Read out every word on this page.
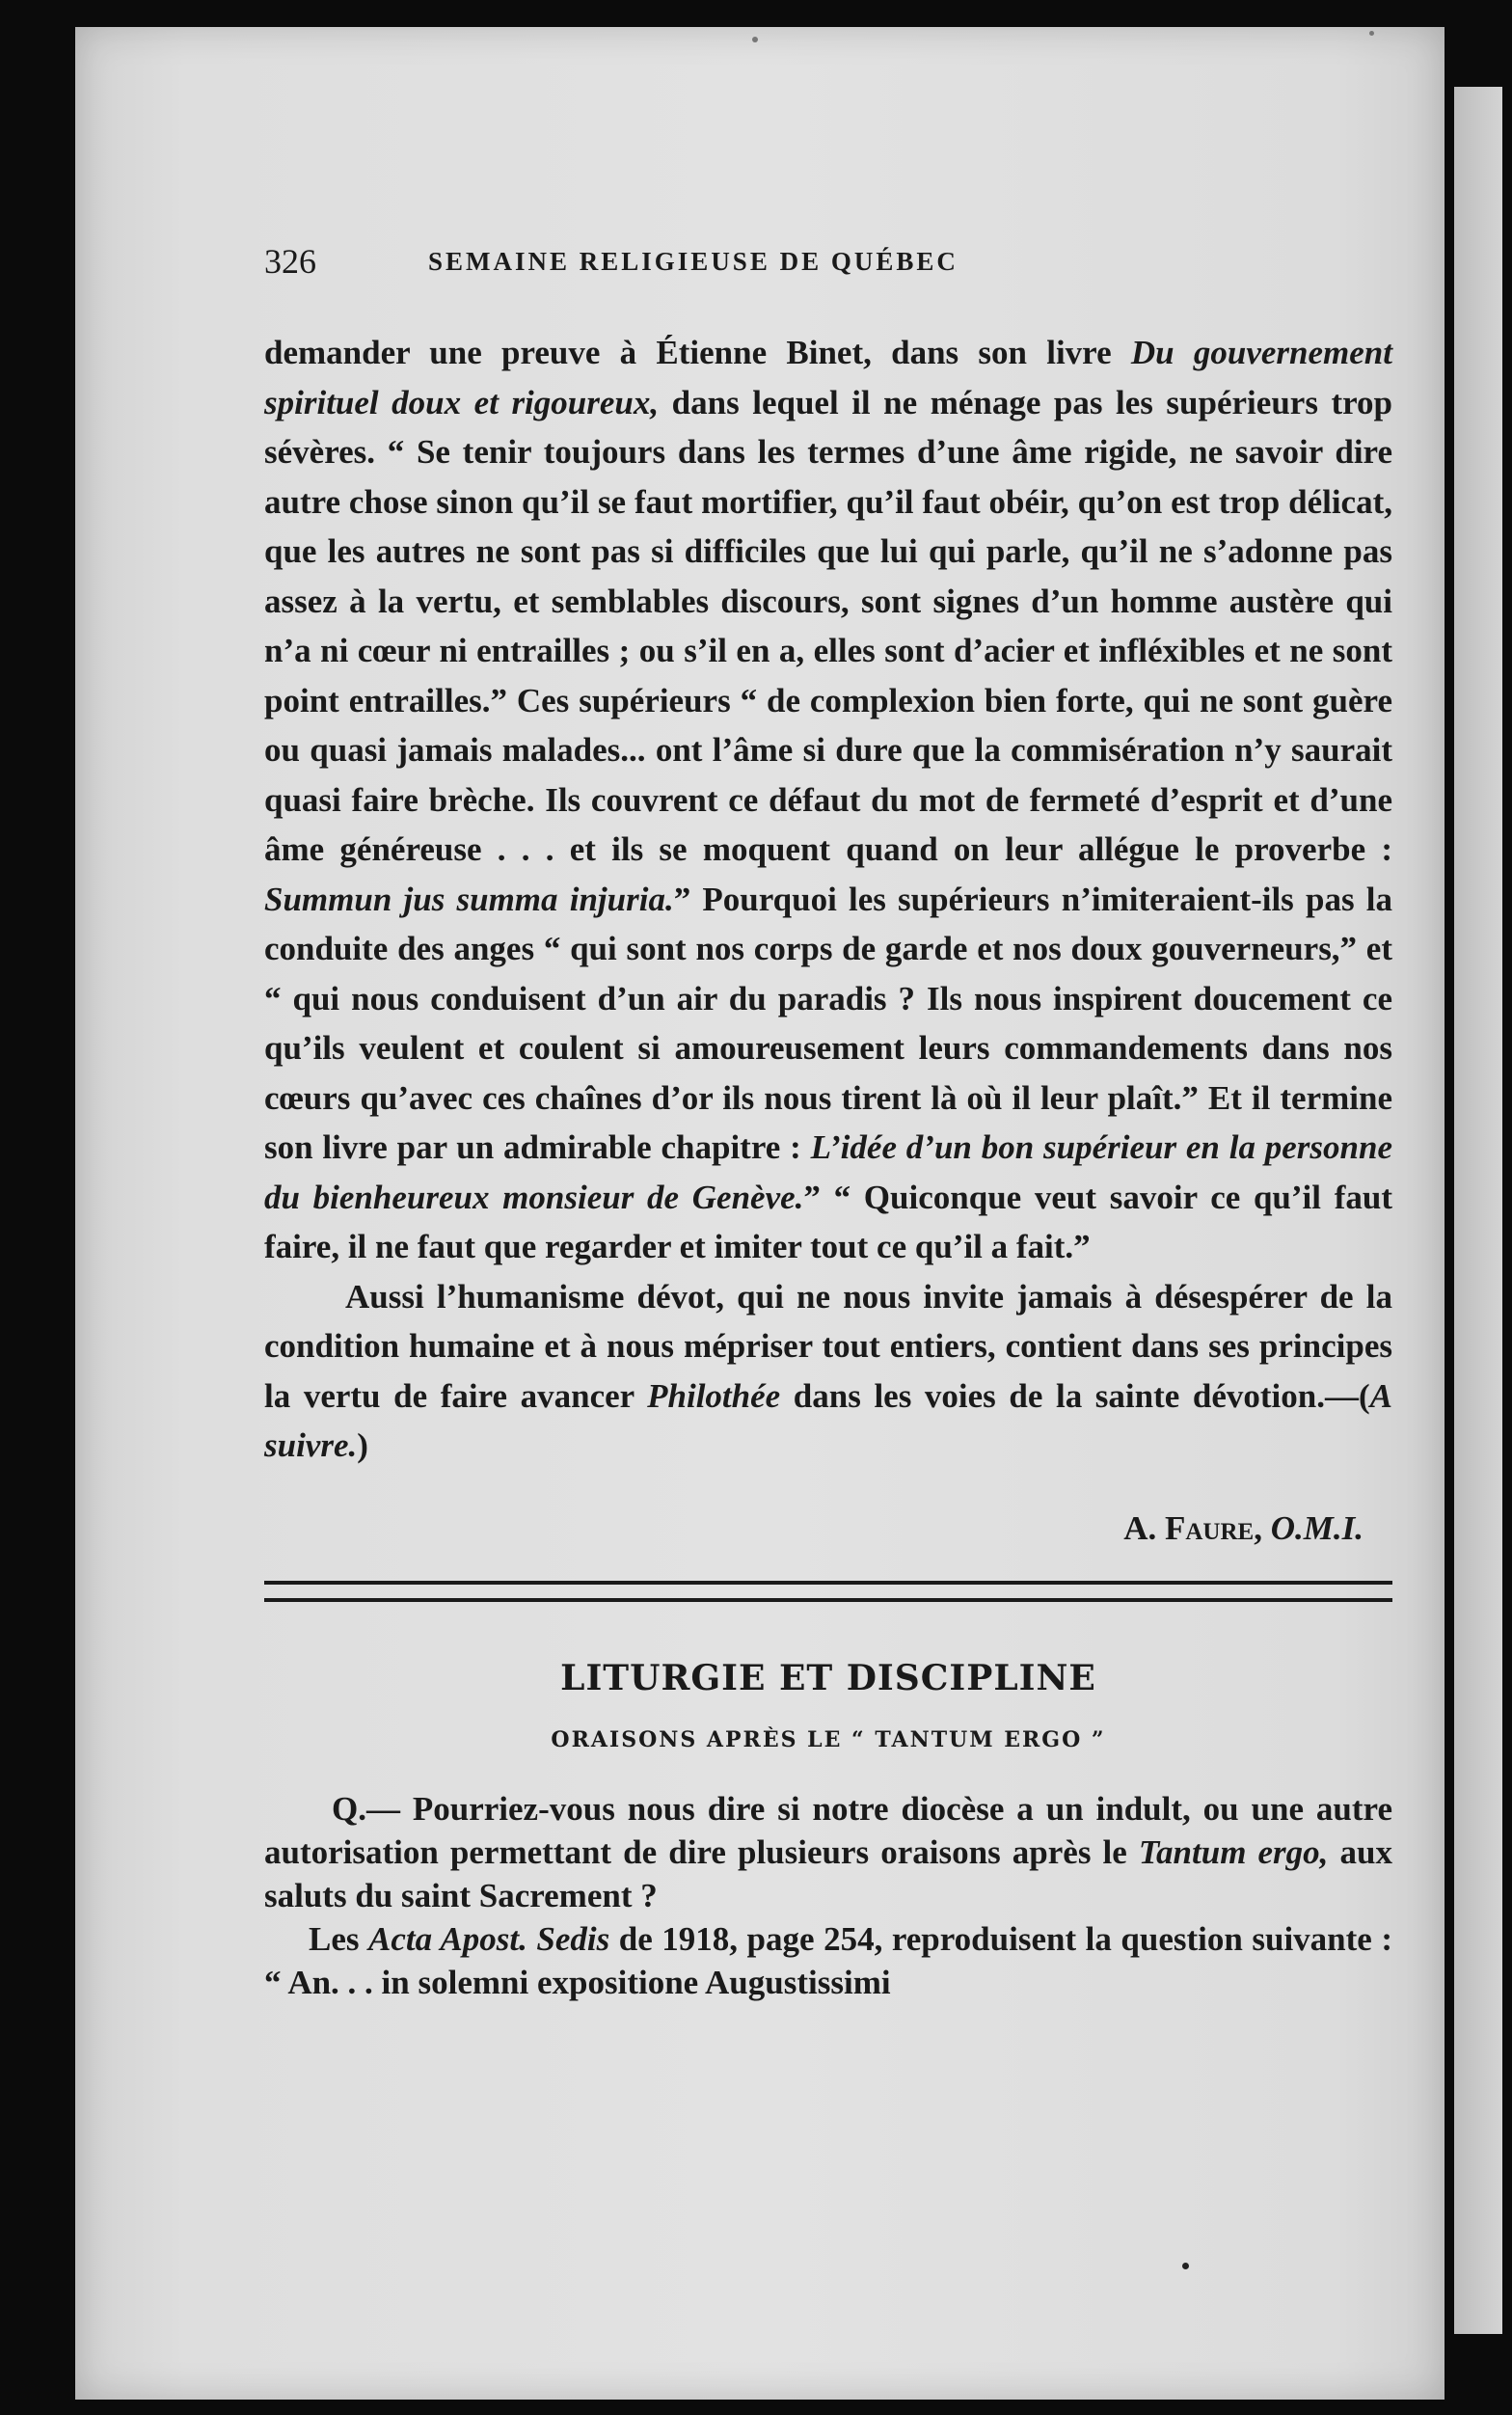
326	SEMAINE RELIGIEUSE DE QUÉBEC

demander une preuve à Étienne Binet, dans son livre Du gouvernement spirituel doux et rigoureux, dans lequel il ne ménage pas les supérieurs trop sévères. “ Se tenir toujours dans les termes d’une âme rigide, ne savoir dire autre chose sinon qu’il se faut mortifier, qu’il faut obéir, qu’on est trop délicat, que les autres ne sont pas si difficiles que lui qui parle, qu’il ne s’adonne pas assez à la vertu, et semblables discours, sont signes d’un homme austère qui n’a ni cœur ni entrailles ; ou s’il en a, elles sont d’acier et infléxibles et ne sont point entrailles.” Ces supérieurs “ de complexion bien forte, qui ne sont guère ou quasi jamais malades... ont l’âme si dure que la commisération n’y saurait quasi faire brèche. Ils couvrent ce défaut du mot de fermeté d’esprit et d’une âme généreuse . . . et ils se moquent quand on leur allégue le proverbe : Summun jus summa injuria.” Pourquoi les supérieurs n’imiteraient-ils pas la conduite des anges “ qui sont nos corps de garde et nos doux gouverneurs,” et “ qui nous conduisent d’un air du paradis ? Ils nous inspirent doucement ce qu’ils veulent et coulent si amoureusement leurs commandements dans nos cœurs qu’avec ces chaînes d’or ils nous tirent là où il leur plaît.” Et il termine son livre par un admirable chapitre : L’idée d’un bon supérieur en la personne du bienheureux monsieur de Genève.” “ Quiconque veut savoir ce qu’il faut faire, il ne faut que regarder et imiter tout ce qu’il a fait.”

Aussi l’humanisme dévot, qui ne nous invite jamais à désespérer de la condition humaine et à nous mépriser tout entiers, contient dans ses principes la vertu de faire avancer Philothée dans les voies de la sainte dévotion.—(A suivre.)

A. Faure, O.M.I.
LITURGIE ET DISCIPLINE
ORAISONS APRÈS LE “ TANTUM ERGO ”

Q.— Pourriez-vous nous dire si notre diocèse a un indult, ou une autre autorisation permettant de dire plusieurs oraisons après le Tantum ergo, aux saluts du saint Sacrement ?

Les Acta Apost. Sedis de 1918, page 254, reproduisent la question suivante : “ An. . . in solemni expositione Augustissimi
